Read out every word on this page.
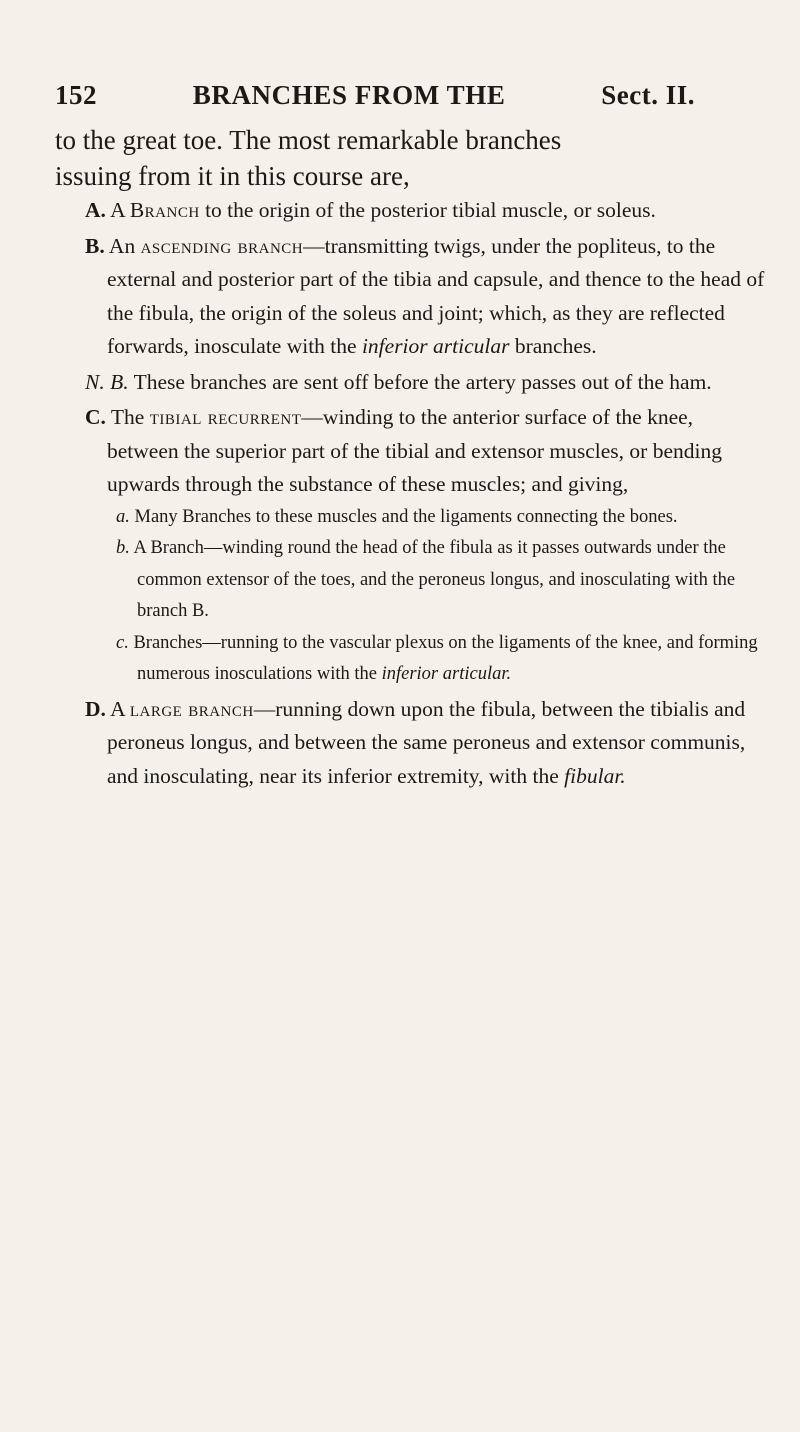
152	BRANCHES FROM THE	Sect. II.

to the great toe. The most remarkable branches
issuing from it in this course are,

A. A Branch to the origin of the posterior tibial muscle, or soleus.
B. An ascending branch—transmitting twigs, under the popliteus, to the external and posterior part of the tibia and capsule, and thence to the head of the fibula, the origin of the soleus and joint; which, as they are reflected forwards, inosculate with the inferior articular branches.
N. B. These branches are sent off before the artery passes out of the ham.
C. The tibial recurrent—winding to the anterior surface of the knee, between the superior part of the tibial and extensor muscles, or bending upwards through the substance of these muscles; and giving,
a. Many Branches to these muscles and the ligaments connecting the bones.
b. A Branch—winding round the head of the fibula as it passes outwards under the common extensor of the toes, and the peroneus longus, and inosculating with the branch B.
c. Branches—running to the vascular plexus on the ligaments of the knee, and forming numerous inosculations with the inferior articular.
D. A large branch—running down upon the fibula, between the tibialis and peroneus longus, and between the same peroneus and extensor communis, and inosculating, near its inferior extremity, with the fibular.
